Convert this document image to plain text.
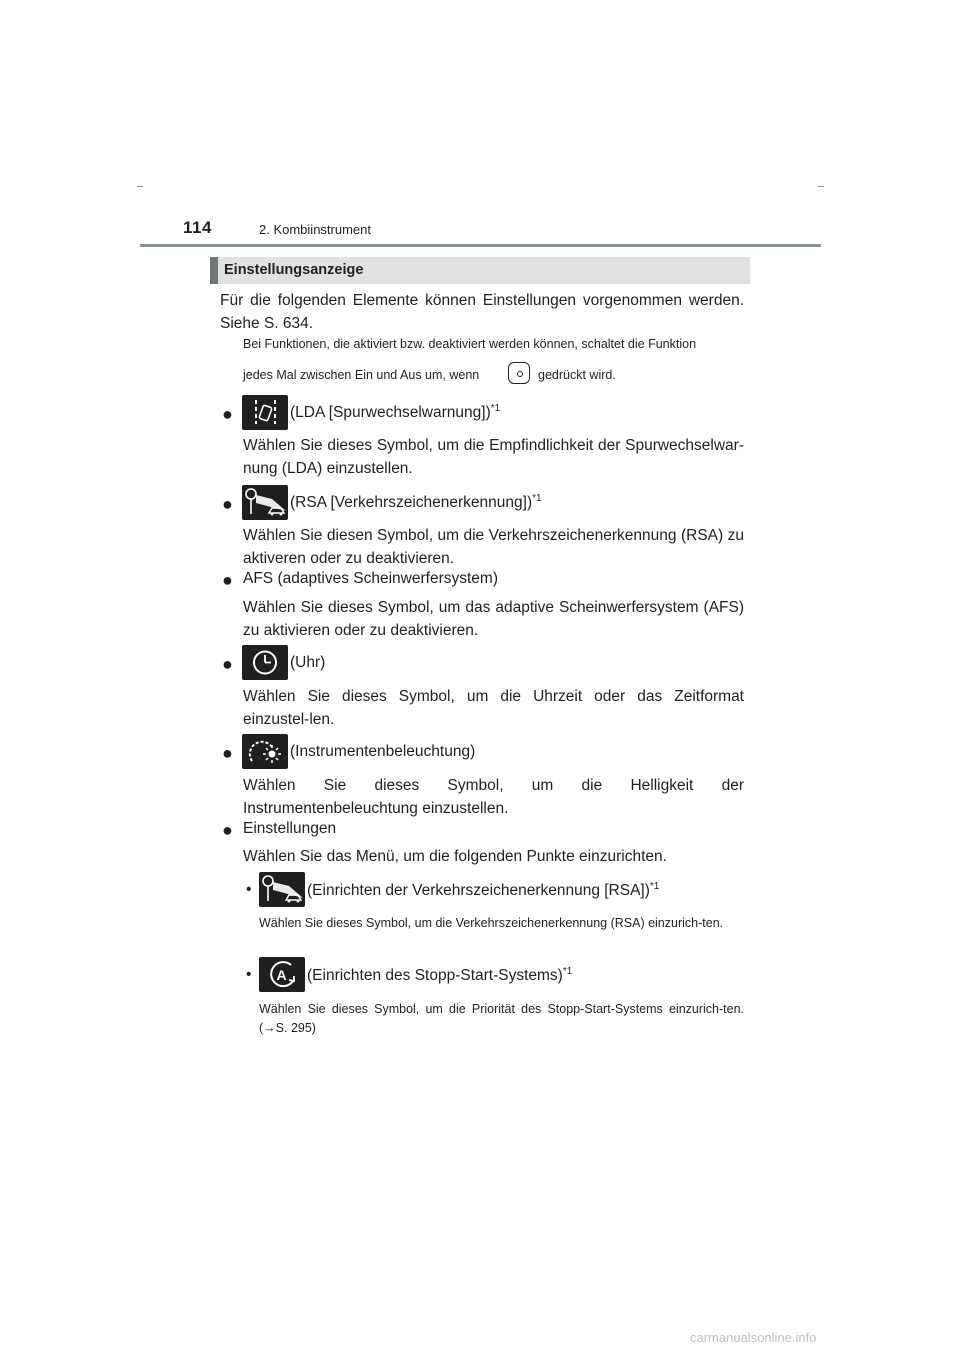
114	2. Kombiinstrument
Einstellungsanzeige
Für die folgenden Elemente können Einstellungen vorgenommen werden. Siehe S. 634.
Bei Funktionen, die aktiviert bzw. deaktiviert werden können, schaltet die Funktion
jedes Mal zwischen Ein und Aus um, wenn	gedrückt wird.
●	(LDA [Spurwechselwarnung])$^{*1}$
Wählen Sie dieses Symbol, um die Empfindlichkeit der Spurwechselwar-nung (LDA) einzustellen.
●	(RSA [Verkehrszeichenerkennung])$^{*1}$
Wählen Sie diesen Symbol, um die Verkehrszeichenerkennung (RSA) zu aktiveren oder zu deaktivieren.
● AFS (adaptives Scheinwerfersystem)
Wählen Sie dieses Symbol, um das adaptive Scheinwerfersystem (AFS) zu aktivieren oder zu deaktivieren.
●	(Uhr)
Wählen Sie dieses Symbol, um die Uhrzeit oder das Zeitformat einzustel-len.
●	(Instrumentenbeleuchtung)
Wählen Sie dieses Symbol, um die Helligkeit der Instrumentenbeleuchtung einzustellen.
● Einstellungen
Wählen Sie das Menü, um die folgenden Punkte einzurichten.
•	(Einrichten der Verkehrszeichenerkennung [RSA])$^{*1}$
Wählen Sie dieses Symbol, um die Verkehrszeichenerkennung (RSA) einzurich-ten.
• A (Einrichten des Stopp-Start-Systems)$^{*1}$
Wählen Sie dieses Symbol, um die Priorität des Stopp-Start-Systems einzurich-ten. (→S. 295)
carmanualsonline.info
